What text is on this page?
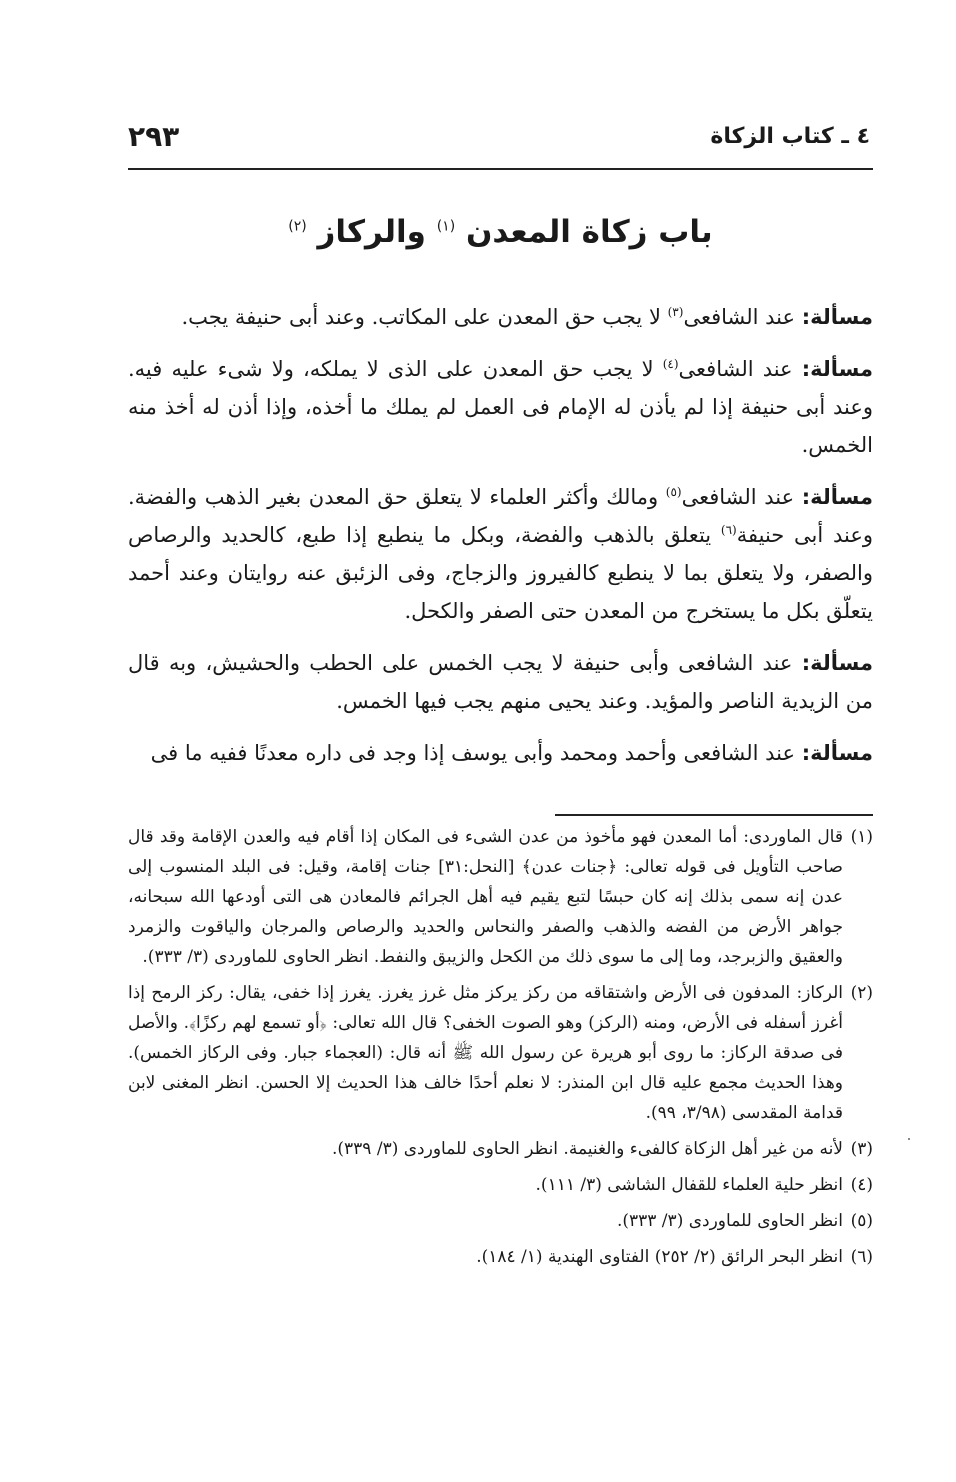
٤ ـ كتاب الزكاة
٢٩٣
باب زكاة المعدن $^{(١)}$ والركاز $^{(٢)}$

مسألة: عند الشافعى$^{(٣)}$ لا يجب حق المعدن على المكاتب. وعند أبى حنيفة يجب.

مسألة: عند الشافعى$^{(٤)}$ لا يجب حق المعدن على الذى لا يملكه، ولا شىء عليه فيه. وعند أبى حنيفة إذا لم يأذن له الإمام فى العمل لم يملك ما أخذه، وإذا أذن له أخذ منه الخمس.

مسألة: عند الشافعى$^{(٥)}$ ومالك وأكثر العلماء لا يتعلق حق المعدن بغير الذهب والفضة. وعند أبى حنيفة$^{(٦)}$ يتعلق بالذهب والفضة، وبكل ما ينطبع إذا طبع، كالحديد والرصاص والصفر، ولا يتعلق بما لا ينطبع كالفيروز والزجاج، وفى الزئبق عنه روايتان وعند أحمد يتعلّق بكل ما يستخرج من المعدن حتى الصفر والكحل.

مسألة: عند الشافعى وأبى حنيفة لا يجب الخمس على الحطب والحشيش، وبه قال من الزيدية الناصر والمؤيد. وعند يحيى منهم يجب فيها الخمس.

مسألة: عند الشافعى وأحمد ومحمد وأبى يوسف إذا وجد فى داره معدنًا ففيه ما فى

(١)
قال الماوردى: أما المعدن فهو مأخوذ من عدن الشىء فى المكان إذا أقام فيه والعدن الإقامة وقد قال صاحب التأويل فى قوله تعالى: ﴿جنات عدن﴾ [النحل:٣١] جنات إقامة، وقيل: فى البلد المنسوب إلى عدن إنه سمى بذلك إنه كان حبسًا لتبع يقيم فيه أهل الجرائم فالمعادن هى التى أودعها الله سبحانه، جواهر الأرض من الفضه والذهب والصفر والنحاس والحديد والرصاص والمرجان والياقوت والزمرد والعقيق والزبرجد، وما إلى ما سوى ذلك من الكحل والزيبق والنفط. انظر الحاوى للماوردى (٣/ ٣٣٣).

(٢)
الركاز: المدفون فى الأرض واشتقاقه من ركز يركز مثل غرز يغرز. يغرز إذا خفى، يقال: ركز الرمح إذا أغرز أسفله فى الأرض، ومنه (الركز) وهو الصوت الخفى؟ قال الله تعالى: ﴿أو تسمع لهم ركزًا﴾. والأصل فى صدقة الركاز: ما روى أبو هريرة عن رسول الله ﷺ أنه قال: (العجماء جبار. وفى الركاز الخمس). وهذا الحديث مجمع عليه قال ابن المنذر: لا نعلم أحدًا خالف هذا الحديث إلا الحسن. انظر المغنى لابن قدامة المقدسى (٣/٩٨، ٩٩).

(٣)
لأنه من غير أهل الزكاة كالفىء والغنيمة. انظر الحاوى للماوردى (٣/ ٣٣٩).

(٤)
انظر حلية العلماء للقفال الشاشى (٣/ ١١١).

(٥)
انظر الحاوى للماوردى (٣/ ٣٣٣).

(٦)
انظر البحر الرائق (٢/ ٢٥٢) الفتاوى الهندية (١/ ١٨٤).
